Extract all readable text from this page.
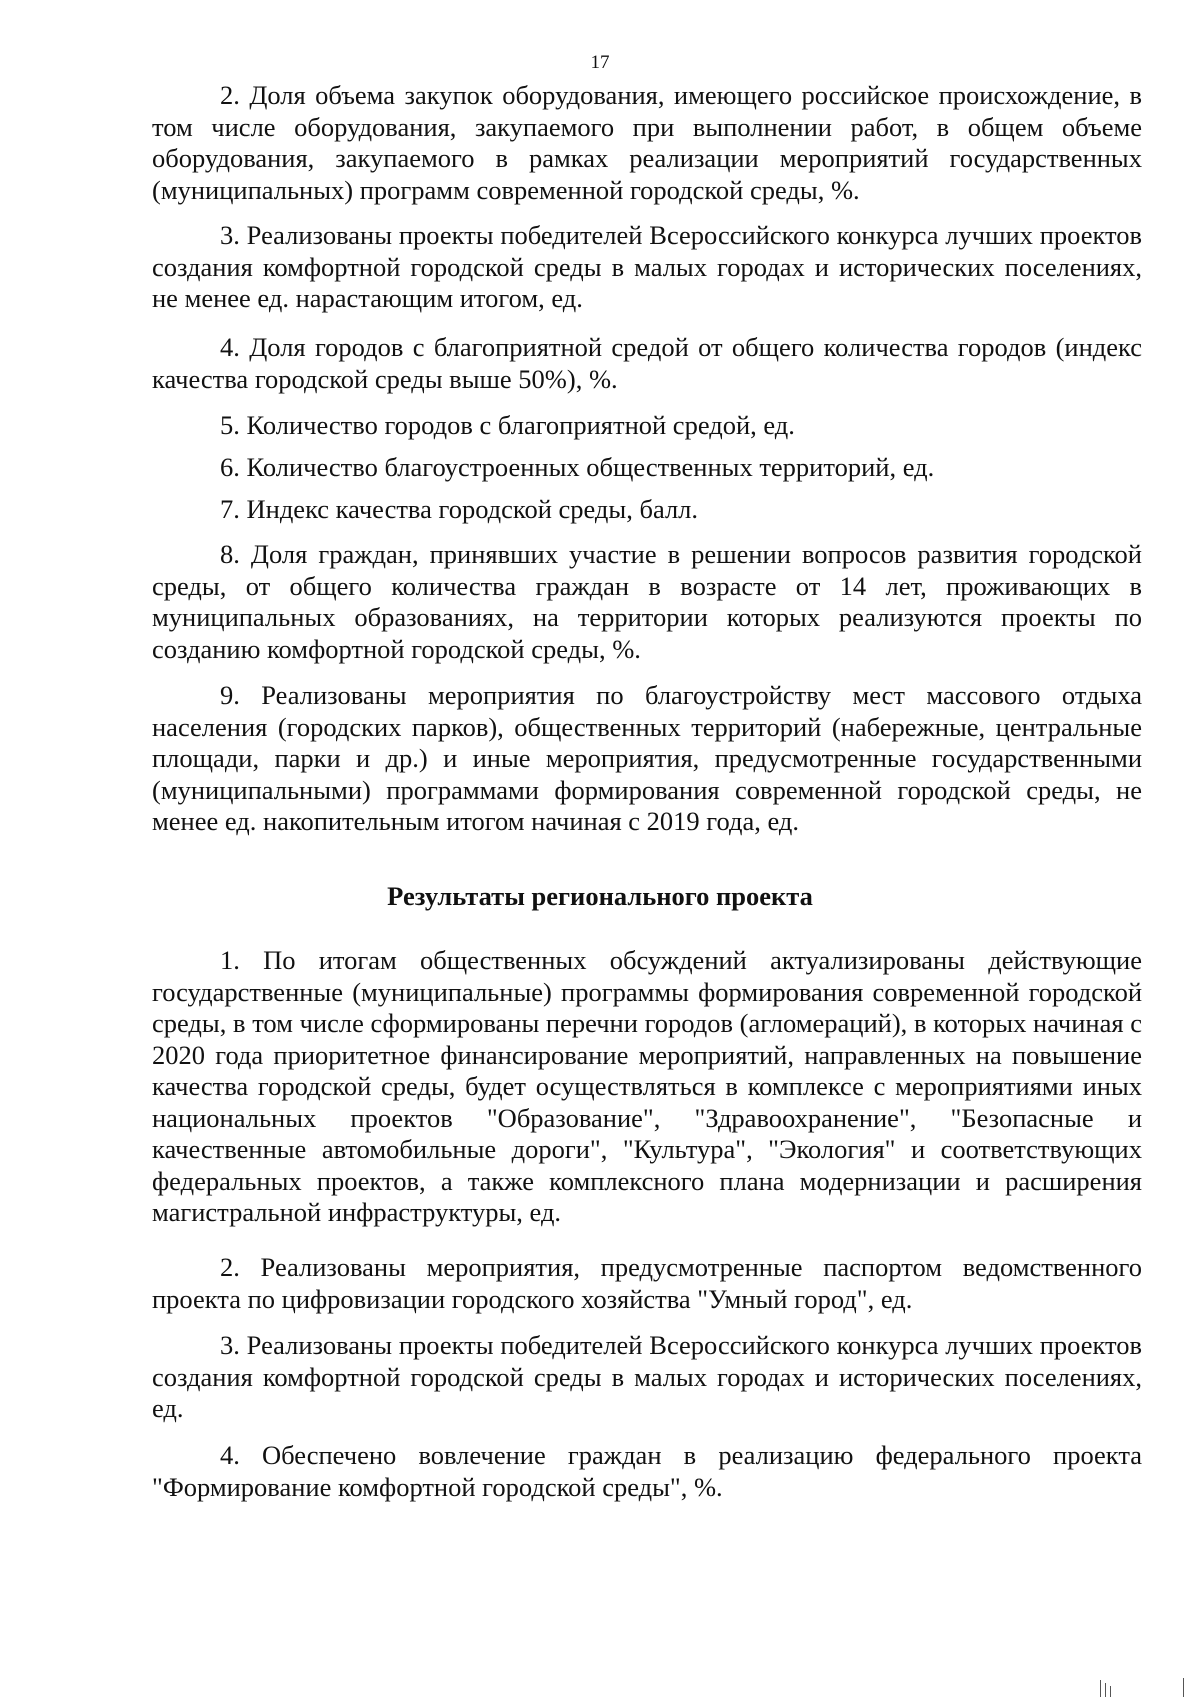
17

2. Доля объема закупок оборудования, имеющего российское происхождение, в том числе оборудования, закупаемого при выполнении работ, в общем объеме оборудования, закупаемого в рамках реализации мероприятий государственных (муниципальных) программ современной городской среды, %.

3. Реализованы проекты победителей Всероссийского конкурса лучших проектов создания комфортной городской среды в малых городах и исторических поселениях, не менее ед. нарастающим итогом, ед.

4. Доля городов с благоприятной средой от общего количества городов (индекс качества городской среды выше 50%), %.

5. Количество городов с благоприятной средой, ед.

6. Количество благоустроенных общественных территорий, ед.

7. Индекс качества городской среды, балл.

8. Доля граждан, принявших участие в решении вопросов развития городской среды, от общего количества граждан в возрасте от 14 лет, проживающих в муниципальных образованиях, на территории которых реализуются проекты по созданию комфортной городской среды, %.

9. Реализованы мероприятия по благоустройству мест массового отдыха населения (городских парков), общественных территорий (набережные, центральные площади, парки и др.) и иные мероприятия, предусмотренные государственными (муниципальными) программами формирования современной городской среды, не менее ед. накопительным итогом начиная с 2019 года, ед.

Результаты регионального проекта

1. По итогам общественных обсуждений актуализированы действующие государственные (муниципальные) программы формирования современной городской среды, в том числе сформированы перечни городов (агломераций), в которых начиная с 2020 года приоритетное финансирование мероприятий, направленных на повышение качества городской среды, будет осуществляться в комплексе с мероприятиями иных национальных проектов "Образование", "Здравоохранение", "Безопасные и качественные автомобильные дороги", "Культура", "Экология" и соответствующих федеральных проектов, а также комплексного плана модернизации и расширения магистральной инфраструктуры, ед.

2. Реализованы мероприятия, предусмотренные паспортом ведомственного проекта по цифровизации городского хозяйства "Умный город", ед.

3. Реализованы проекты победителей Всероссийского конкурса лучших проектов создания комфортной городской среды в малых городах и исторических поселениях, ед.

4. Обеспечено вовлечение граждан в реализацию федерального проекта "Формирование комфортной городской среды", %.
